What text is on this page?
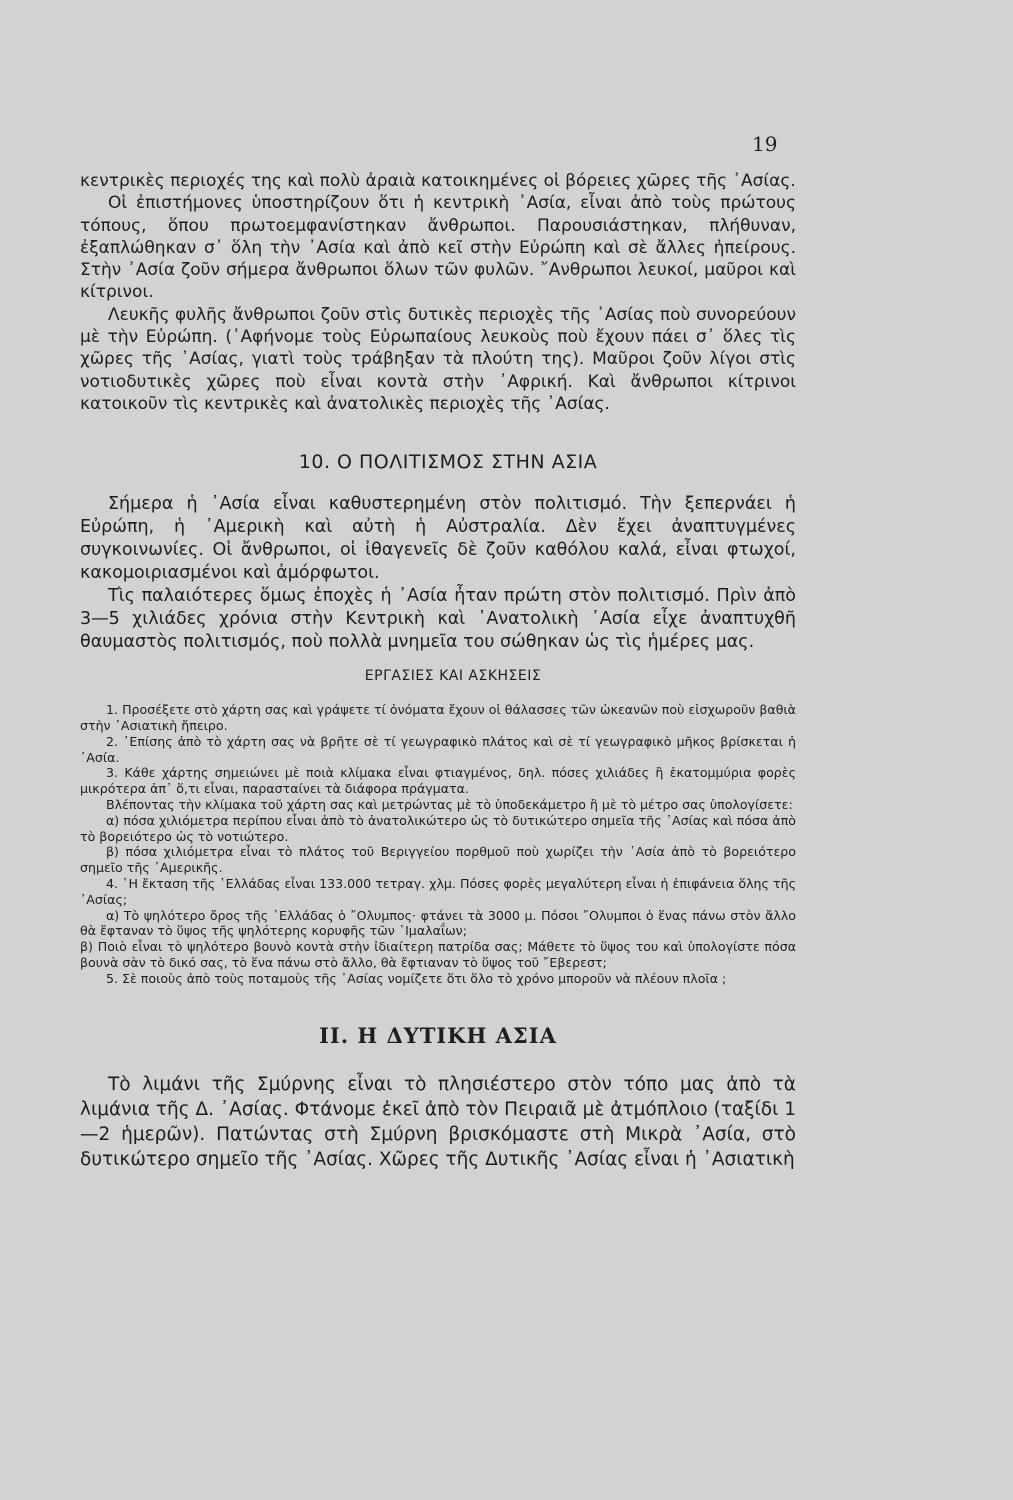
19

κεντρικὲς περιοχές της καὶ πολὺ ἀραιὰ κατοικημένες οἱ βόρειες χῶρες τῆς ᾿Ασίας.

Οἱ ἐπιστήμονες ὑποστηρίζουν ὅτι ἡ κεντρικὴ ᾿Ασία, εἶναι ἀπὸ τοὺς πρώτους τόπους, ὅπου πρωτοεμφανίστηκαν ἄνθρωποι. Παρουσιάστηκαν, πλήθυναν, ἐξαπλώθηκαν σ᾿ ὅλη τὴν ᾿Ασία καὶ ἀπὸ κεῖ στὴν Εὐρώπη καὶ σὲ ἄλλες ἠπείρους. Στὴν ᾿Ασία ζοῦν σήμερα ἄνθρωποι ὅλων τῶν φυλῶν. ῎Ανθρωποι λευκοί, μαῦροι καὶ κίτρινοι.

Λευκῆς φυλῆς ἄνθρωποι ζοῦν στὶς δυτικὲς περιοχὲς τῆς ᾿Ασίας ποὺ συνορεύουν μὲ τὴν Εὐρώπη. (᾿Αφήνομε τοὺς Εὐρωπαίους λευκοὺς ποὺ ἔχουν πάει σ᾿ ὅλες τὶς χῶρες τῆς ᾿Ασίας, γιατὶ τοὺς τράβηξαν τὰ πλούτη της). Μαῦροι ζοῦν λίγοι στὶς νοτιοδυτικὲς χῶρες ποὺ εἶναι κοντὰ στὴν ᾿Αφρική. Καὶ ἄνθρωποι κίτρινοι κατοικοῦν τὶς κεντρικὲς καὶ ἀνατολικὲς περιοχὲς τῆς ᾿Ασίας.

10. Ο ΠΟΛΙΤΙΣΜΟΣ ΣΤΗΝ ΑΣΙΑ

Σήμερα ἡ ᾿Ασία εἶναι καθυστερημένη στὸν πολιτισμό. Τὴν ξεπερνάει ἡ Εὐρώπη, ἡ ᾿Αμερικὴ καὶ αὐτὴ ἡ Αὐστραλία. Δὲν ἔχει ἀναπτυγμένες συγκοινωνίες. Οἱ ἄνθρωποι, οἱ ἰθαγενεῖς δὲ ζοῦν καθόλου καλά, εἶναι φτωχοί, κακομοιριασμένοι καὶ ἀμόρφωτοι.

Τὶς παλαιότερες ὅμως ἐποχὲς ἡ ᾿Ασία ἦταν πρώτη στὸν πολιτισμό. Πρὶν ἀπὸ 3—5 χιλιάδες χρόνια στὴν Κεντρικὴ καὶ ᾿Ανατολικὴ ᾿Ασία εἶχε ἀναπτυχθῆ θαυμαστὸς πολιτισμός, ποὺ πολλὰ μνημεῖα του σώθηκαν ὡς τὶς ἡμέρες μας.

ΕΡΓΑΣΙΕΣ ΚΑΙ ΑΣΚΗΣΕΙΣ

1. Προσέξετε στὸ χάρτη σας καὶ γράψετε τί ὀνόματα ἔχουν οἱ θάλασσες τῶν ὠκεανῶν ποὺ εἰσχωροῦν βαθιὰ στὴν ᾿Ασιατικὴ ἤπειρο.

2. ᾿Επίσης ἀπὸ τὸ χάρτη σας νὰ βρῆτε σὲ τί γεωγραφικὸ πλάτος καὶ σὲ τί γεωγραφικὸ μῆκος βρίσκεται ἡ ᾿Ασία.

3. Κάθε χάρτης σημειώνει μὲ ποιὰ κλίμακα εἶναι φτιαγμένος, δηλ. πόσες χιλιάδες ἢ ἑκατομμύρια φορὲς μικρότερα ἀπ᾿ ὅ,τι εἶναι, παρασταίνει τὰ διάφορα πράγματα.

Βλέποντας τὴν κλίμακα τοῦ χάρτη σας καὶ μετρώντας μὲ τὸ ὑποδεκάμετρο ἢ μὲ τὸ μέτρο σας ὑπολογίσετε:

α) πόσα χιλιόμετρα περίπου εἶναι ἀπὸ τὸ ἀνατολικώτερο ὡς τὸ δυτικώτερο σημεῖα τῆς ᾿Ασίας καὶ πόσα ἀπὸ τὸ βορειότερο ὡς τὸ νοτιώτερο.

β) πόσα χιλιόμετρα εἶναι τὸ πλάτος τοῦ Βεριγγείου πορθμοῦ ποὺ χωρίζει τὴν ᾿Ασία ἀπὸ τὸ βορειότερο σημεῖο τῆς ᾿Αμερικῆς.

4. ῾Η ἔκταση τῆς ῾Ελλάδας εἶναι 133.000 τετραγ. χλμ. Πόσες φορὲς μεγαλύτερη εἶναι ἡ ἐπιφάνεια ὅλης τῆς ᾿Ασίας;

α) Τὸ ψηλότερο ὄρος τῆς ῾Ελλάδας ὁ ῎Ολυμπος· φτάνει τὰ 3000 μ. Πόσοι ῎Ολυμποι ὁ ἕνας πάνω στὸν ἄλλο θὰ ἔφταναν τὸ ὕψος τῆς ψηλότερης κορυφῆς τῶν ῾Ιμαλαΐων;

β) Ποιὸ εἶναι τὸ ψηλότερο βουνὸ κοντὰ στὴν ἰδιαίτερη πατρίδα σας; Μάθετε τὸ ὕψος του καὶ ὑπολογίστε πόσα βουνὰ σὰν τὸ δικό σας, τὸ ἕνα πάνω στὸ ἄλλο, θὰ ἔφτιαναν τὸ ὕψος τοῦ ῎Εβερεστ;

5. Σὲ ποιοὺς ἀπὸ τοὺς ποταμοὺς τῆς ᾿Ασίας νομίζετε ὅτι ὅλο τὸ χρόνο μποροῦν νὰ πλέουν πλοῖα ;

ΙΙ. Η ΔΥΤΙΚΗ ΑΣΙΑ

Τὸ λιμάνι τῆς Σμύρνης εἶναι τὸ πλησιέστερο στὸν τόπο μας ἀπὸ τὰ λιμάνια τῆς Δ. ᾿Ασίας. Φτάνομε ἐκεῖ ἀπὸ τὸν Πειραιᾶ μὲ ἀτμόπλοιο (ταξίδι 1—2 ἡμερῶν). Πατώντας στὴ Σμύρνη βρισκόμαστε στὴ Μικρὰ ᾿Ασία, στὸ δυτικώτερο σημεῖο τῆς ᾿Ασίας. Χῶρες τῆς Δυτικῆς ᾿Ασίας εἶναι ἡ ᾿Ασιατικὴ
